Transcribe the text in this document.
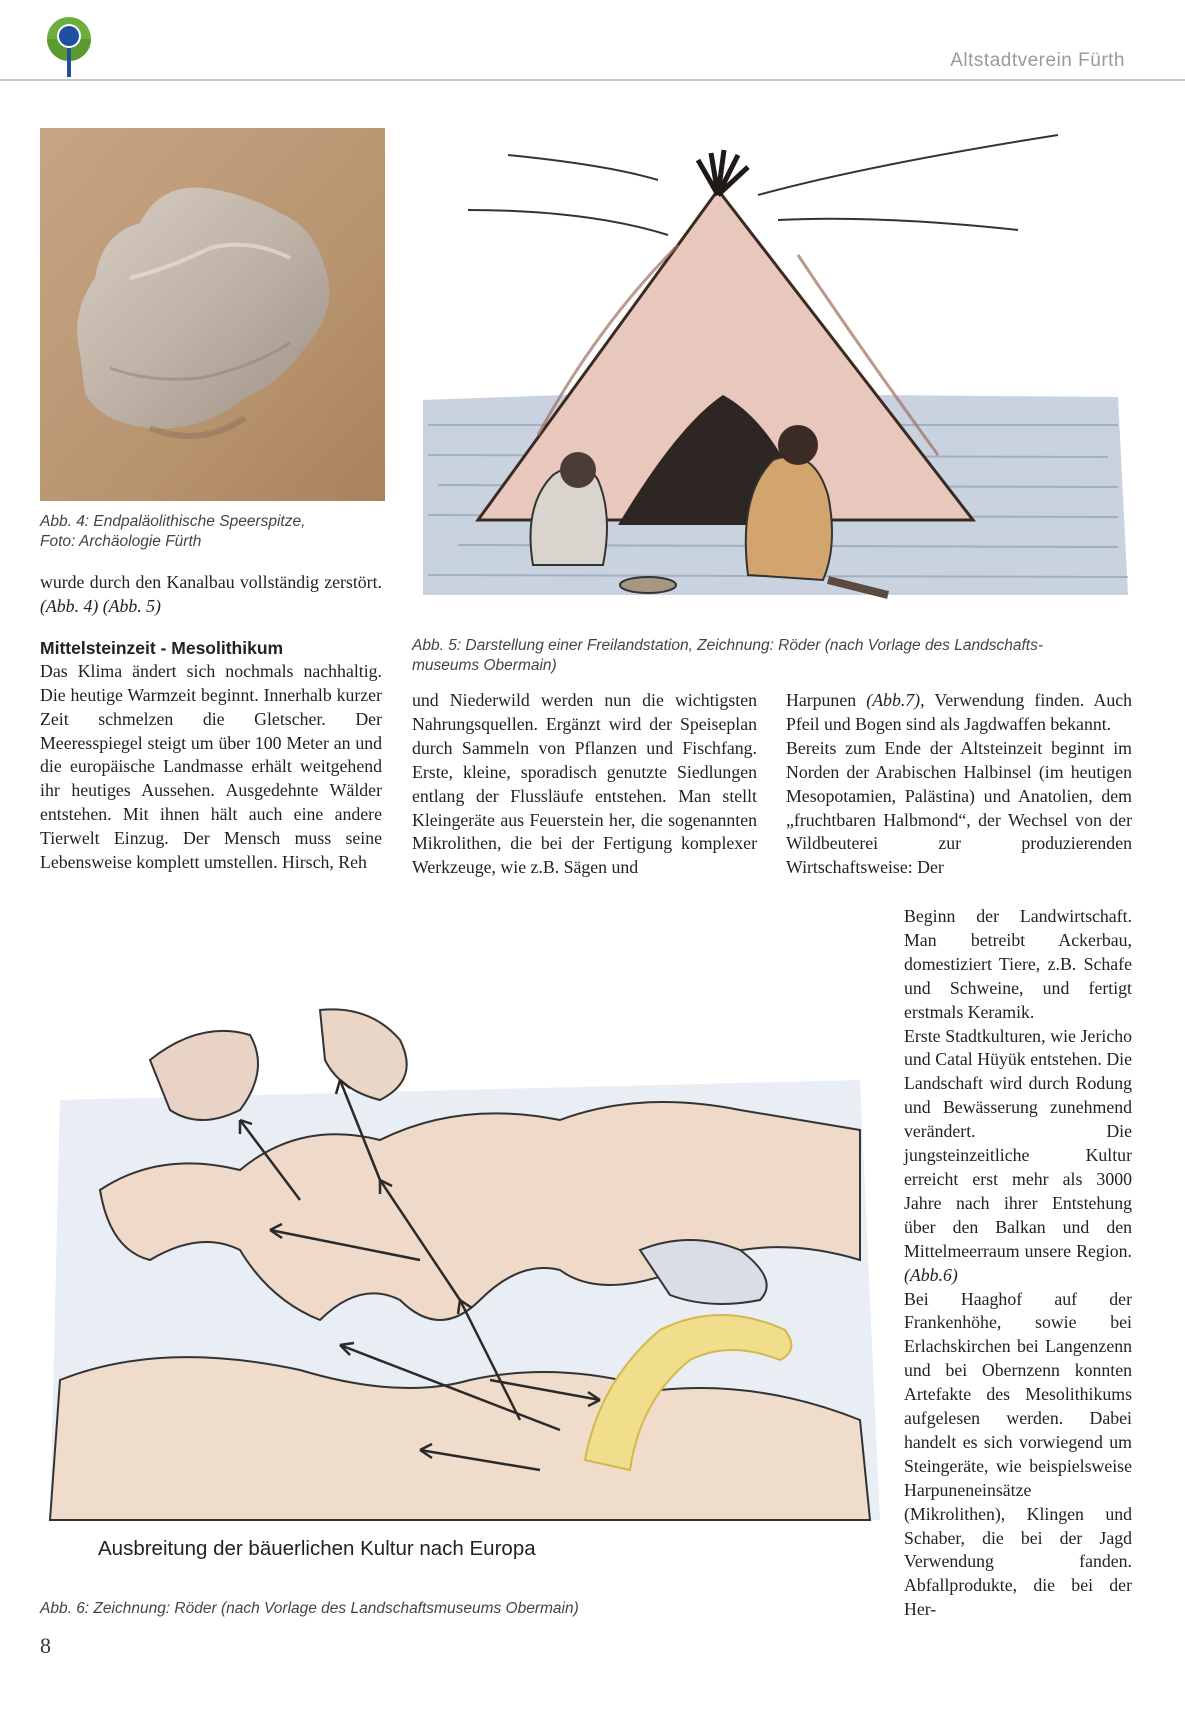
Altstadtverein Fürth
Abb. 4: Endpaläolithische Speerspitze,
Foto: Archäologie Fürth
Abb. 5: Darstellung einer Freilandstation, Zeichnung: Röder (nach Vorlage des Landschafts-
museums Obermain)

wurde durch den Kanalbau vollständig zerstört. (Abb. 4) (Abb. 5)

Mittelsteinzeit - Mesolithikum

Das Klima ändert sich nochmals nachhaltig. Die heutige Warmzeit beginnt. Innerhalb kurzer Zeit schmelzen die Gletscher. Der Meeresspiegel steigt um über 100 Meter an und die europäische Landmasse erhält weitgehend ihr heutiges Aussehen. Ausgedehnte Wälder entstehen. Mit ihnen hält auch eine andere Tierwelt Einzug. Der Mensch muss seine Lebensweise komplett umstellen. Hirsch, Reh

und Niederwild werden nun die wichtigsten Nahrungsquellen. Ergänzt wird der Speiseplan durch Sammeln von Pflanzen und Fischfang. Erste, kleine, sporadisch genutzte Siedlungen entlang der Flussläufe entstehen. Man stellt Kleingeräte aus Feuerstein her, die sogenannten Mikrolithen, die bei der Fertigung komplexer Werkzeuge, wie z.B. Sägen und

Harpunen (Abb.7), Verwendung finden. Auch Pfeil und Bogen sind als Jagdwaffen bekannt.

Bereits zum Ende der Altsteinzeit beginnt im Norden der Arabischen Halbinsel (im heutigen Mesopotamien, Palästina) und Anatolien, dem „fruchtbaren Halbmond“, der Wechsel von der Wildbeuterei zur produzierenden Wirtschaftsweise: Der

Beginn der Landwirtschaft. Man betreibt Ackerbau, domestiziert Tiere, z.B. Schafe und Schweine, und fertigt erstmals Keramik.

Erste Stadtkulturen, wie Jericho und Catal Hüyük entstehen. Die Landschaft wird durch Rodung und Bewässerung zunehmend verändert. Die jungsteinzeitliche Kultur erreicht erst mehr als 3000 Jahre nach ihrer Entstehung über den Balkan und den Mittelmeerraum unsere Region. (Abb.6)

Bei Haaghof auf der Frankenhöhe, sowie bei Erlachskirchen bei Langenzenn und bei Obernzenn konnten Artefakte des Mesolithikums aufgelesen werden. Dabei handelt es sich vorwiegend um Steingeräte, wie beispielsweise Harpuneneinsätze (Mikrolithen), Klingen und Schaber, die bei der Jagd Verwendung fanden. Abfallprodukte, die bei der Her-

Ausbreitung der bäuerlichen Kultur nach Europa
Abb. 6: Zeichnung: Röder (nach Vorlage des Landschaftsmuseums Obermain)
8
